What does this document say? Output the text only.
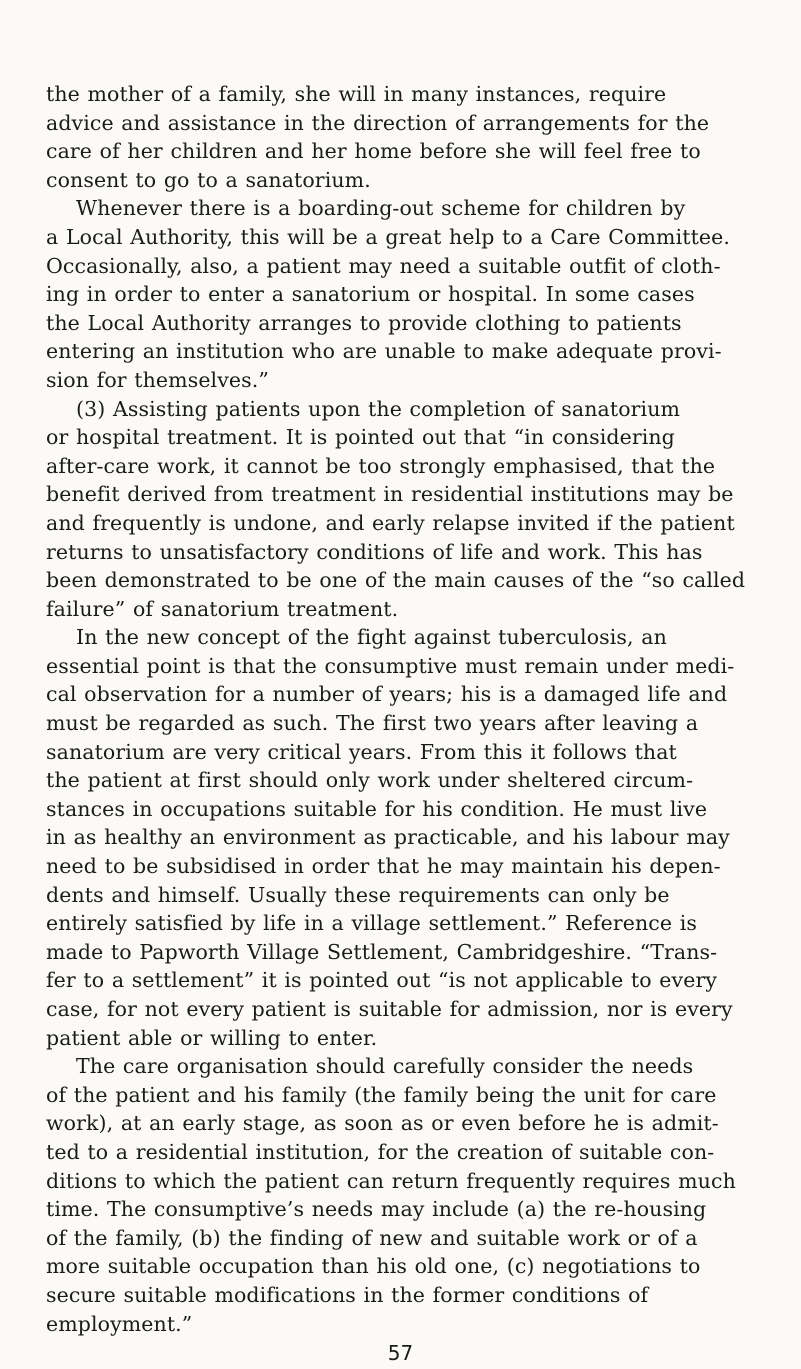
the mother of a family, she will in many instances, require
advice and assistance in the direction of arrangements for the
care of her children and her home before she will feel free to
consent to go to a sanatorium.
Whenever there is a boarding-out scheme for children by
a Local Authority, this will be a great help to a Care Committee.
Occasionally, also, a patient may need a suitable outfit of cloth-
ing in order to enter a sanatorium or hospital. In some cases
the Local Authority arranges to provide clothing to patients
entering an institution who are unable to make adequate provi-
sion for themselves.”
(3) Assisting patients upon the completion of sanatorium
or hospital treatment. It is pointed out that “in considering
after-care work, it cannot be too strongly emphasised, that the
benefit derived from treatment in residential institutions may be
and frequently is undone, and early relapse invited if the patient
returns to unsatisfactory conditions of life and work. This has
been demonstrated to be one of the main causes of the “so called
failure” of sanatorium treatment.
In the new concept of the fight against tuberculosis, an
essential point is that the consumptive must remain under medi-
cal observation for a number of years; his is a damaged life and
must be regarded as such. The first two years after leaving a
sanatorium are very critical years. From this it follows that
the patient at first should only work under sheltered circum-
stances in occupations suitable for his condition. He must live
in as healthy an environment as practicable, and his labour may
need to be subsidised in order that he may maintain his depen-
dents and himself. Usually these requirements can only be
entirely satisfied by life in a village settlement.” Reference is
made to Papworth Village Settlement, Cambridgeshire. “Trans-
fer to a settlement” it is pointed out “is not applicable to every
case, for not every patient is suitable for admission, nor is every
patient able or willing to enter.
The care organisation should carefully consider the needs
of the patient and his family (the family being the unit for care
work), at an early stage, as soon as or even before he is admit-
ted to a residential institution, for the creation of suitable con-
ditions to which the patient can return frequently requires much
time. The consumptive’s needs may include (a) the re-housing
of the family, (b) the finding of new and suitable work or of a
more suitable occupation than his old one, (c) negotiations to
secure suitable modifications in the former conditions of
employment.”
57
